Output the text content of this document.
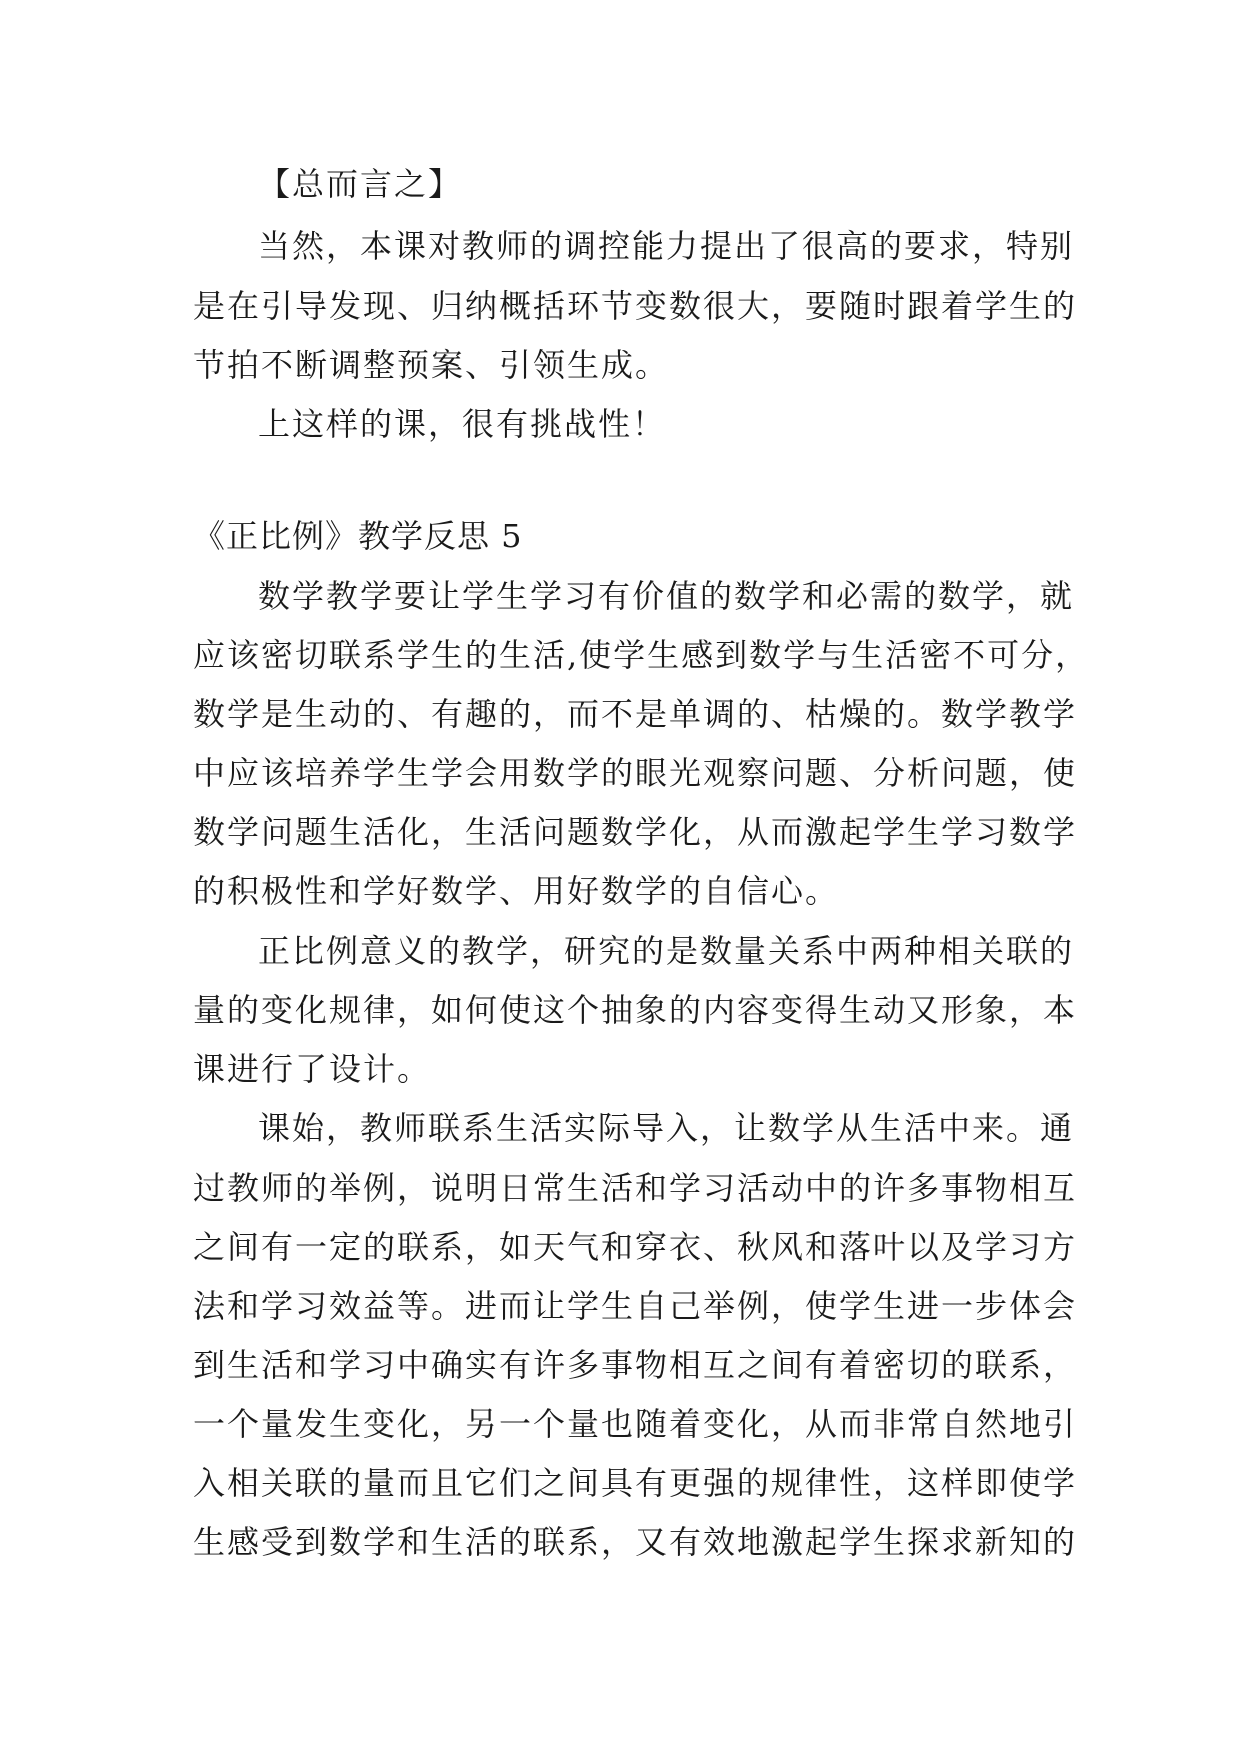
【总而言之】
当然，本课对教师的调控能力提出了很高的要求，特别
是在引导发现、归纳概括环节变数很大，要随时跟着学生的
节拍不断调整预案、引领生成。
上这样的课，很有挑战性！
《正比例》教学反思 5
数学教学要让学生学习有价值的数学和必需的数学，就
应该密切联系学生的生活,使学生感到数学与生活密不可分，
数学是生动的、有趣的，而不是单调的、枯燥的。数学教学
中应该培养学生学会用数学的眼光观察问题、分析问题，使
数学问题生活化，生活问题数学化，从而激起学生学习数学
的积极性和学好数学、用好数学的自信心。
正比例意义的教学，研究的是数量关系中两种相关联的
量的变化规律，如何使这个抽象的内容变得生动又形象，本
课进行了设计。
课始，教师联系生活实际导入，让数学从生活中来。通
过教师的举例，说明日常生活和学习活动中的许多事物相互
之间有一定的联系，如天气和穿衣、秋风和落叶以及学习方
法和学习效益等。进而让学生自己举例，使学生进一步体会
到生活和学习中确实有许多事物相互之间有着密切的联系，
一个量发生变化，另一个量也随着变化，从而非常自然地引
入相关联的量而且它们之间具有更强的规律性，这样即使学
生感受到数学和生活的联系，又有效地激起学生探求新知的
